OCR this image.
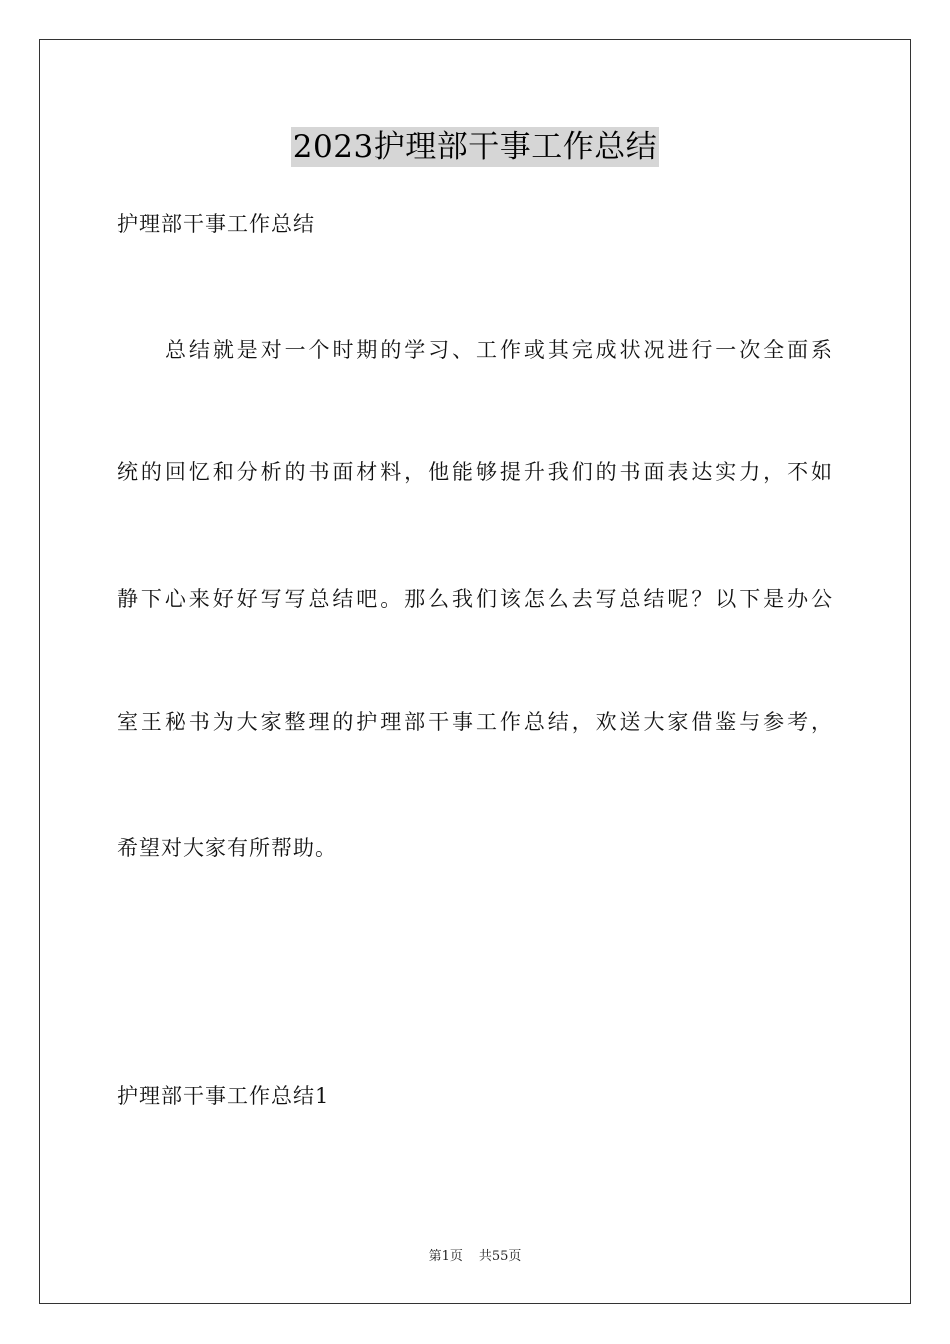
2023护理部干事工作总结
护理部干事工作总结
总结就是对一个时期的学习、工作或其完成状况进行一次全面系
统的回忆和分析的书面材料，他能够提升我们的书面表达实力，不如
静下心来好好写写总结吧。那么我们该怎么去写总结呢？以下是办公
室王秘书为大家整理的护理部干事工作总结，欢送大家借鉴与参考，
希望对大家有所帮助。
护理部干事工作总结1
第1页 共55页
